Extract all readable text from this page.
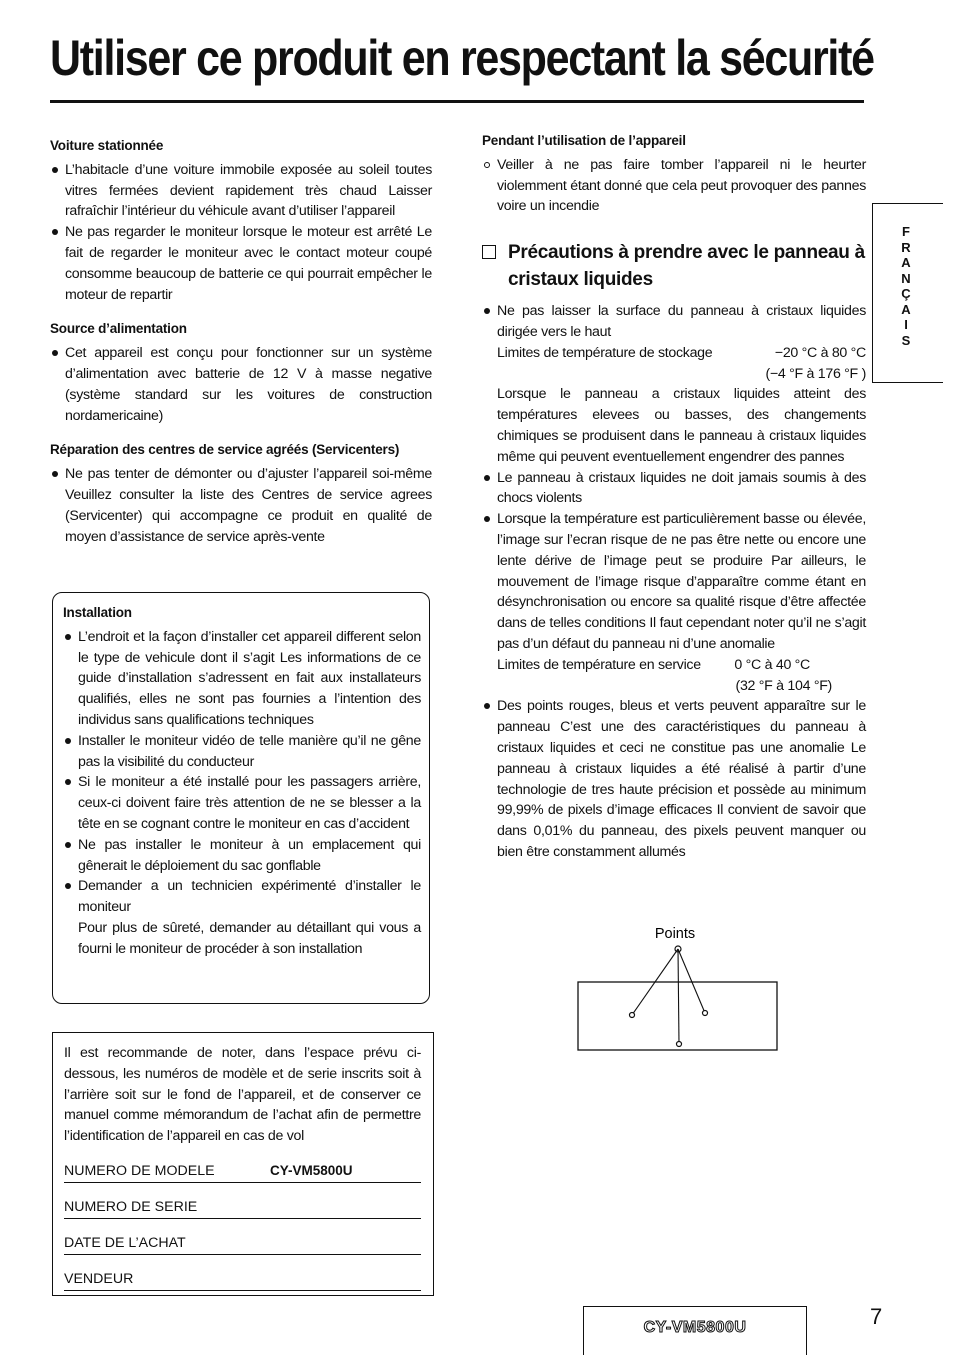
Utiliser ce produit en respectant la sécurité
Voiture stationnée
L’habitacle d’une voiture immobile exposée au soleil toutes vitres fermées devient rapidement très chaud Laisser rafraîchir l’intérieur du véhicule avant d’utiliser l’appareil
Ne pas regarder le moniteur lorsque le moteur est arrêté Le fait de regarder le moniteur avec le contact moteur coupé consomme beaucoup de batterie ce qui pourrait empêcher le moteur de repartir
Source d’alimentation
Cet appareil est conçu pour fonctionner sur un système d’alimentation avec batterie de 12 V à masse negative (système standard sur les voitures de construction nordamericaine)
Réparation des centres de service agréés (Servicenters)
Ne pas tenter de démonter ou d’ajuster l’appareil soi-même Veuillez consulter la liste des Centres de service agrees (Servicenter) qui accompagne ce produit en qualité de moyen d’assistance de service après-vente
Installation
L’endroit et la façon d’installer cet appareil different selon le type de vehicule dont il s’agit Les informations de ce guide d’installation s’adressent en fait aux installateurs qualifiés, elles ne sont pas fournies a l’intention des individus sans qualifications techniques
Installer le moniteur vidéo de telle manière qu’il ne gêne pas la visibilité du conducteur
Si le moniteur a été installé pour les passagers arrière, ceux-ci doivent faire très attention de ne se blesser a la tête en se cognant contre le moniteur en cas d’accident
Ne pas installer le moniteur à un emplacement qui gênerait le déploiement du sac gonflable
Demander a un technicien expérimenté d’installer le moniteur
Pour plus de sûreté, demander au détaillant qui vous a fourni le moniteur de procéder à son installation
Il est recommande de noter, dans l’espace prévu ci-dessous, les numéros de modèle et de serie inscrits soit à l’arrière soit sur le fond de l’appareil, et de conserver ce manuel comme mémorandum de l’achat afin de permettre l’identification de l’appareil en cas de vol
NUMERO DE MODELE	CY-VM5800U
NUMERO DE SERIE
DATE DE L’ACHAT
VENDEUR
Pendant l’utilisation de l’appareil
Veiller à ne pas faire tomber l’appareil ni le heurter violemment étant donné que cela peut provoquer des pannes voire un incendie
Précautions à prendre avec le panneau à cristaux liquides
Ne pas laisser la surface du panneau à cristaux liquides dirigée vers le haut
Limites de température de stockage	−20 °C à 80 °C
(−4 °F à 176 °F )
Lorsque le panneau a cristaux liquides atteint des températures elevees ou basses, des changements chimiques se produisent dans le panneau à cristaux liquides même qui peuvent eventuellement engendrer des pannes
Le panneau à cristaux liquides ne doit jamais soumis à des chocs violents
Lorsque la température est particulièrement basse ou élevée, l’image sur l’ecran risque de ne pas être nette ou encore une lente dérive de l’image peut se produire Par ailleurs, le mouvement de l’image risque d’apparaître comme étant en désynchronisation ou encore sa qualité risque d’être affectée dans de telles conditions Il faut cependant noter qu’il ne s’agit pas d’un défaut du panneau ni d’une anomalie
Limites de température en service 0 °C à 40 °C
(32 °F à 104 °F)
Des points rouges, bleus et verts peuvent apparaître sur le panneau C’est une des caractéristiques du panneau à cristaux liquides et ceci ne constitue pas une anomalie Le panneau à cristaux liquides a été réalisé à partir d’une technologie de tres haute précision et possède au minimum 99,99% de pixels d’image efficaces Il convient de savoir que dans 0,01% du panneau, des pixels peuvent manquer ou bien être constamment allumés
Points
F
R
A
N
Ç
A
I
S
CY-VM5800U	7
